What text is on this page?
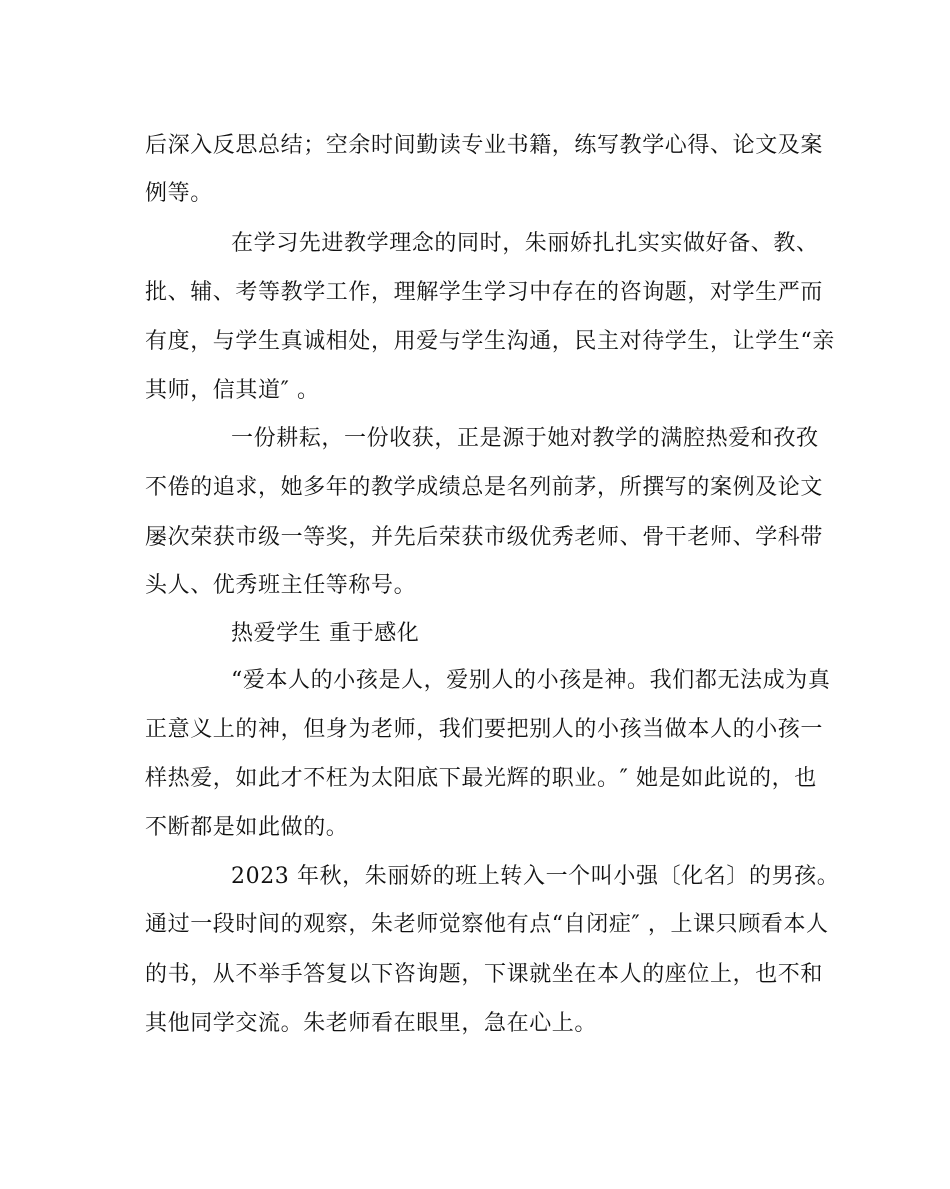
后深入反思总结；空余时间勤读专业书籍，练写教学心得、论文及案
例等。
在学习先进教学理念的同时，朱丽娇扎扎实实做好备、教、
批、辅、考等教学工作，理解学生学习中存在的咨询题，对学生严而
有度，与学生真诚相处，用爱与学生沟通，民主对待学生，让学生“亲
其师，信其道″ 。
一份耕耘，一份收获，正是源于她对教学的满腔热爱和孜孜
不倦的追求，她多年的教学成绩总是名列前茅，所撰写的案例及论文
屡次荣获市级一等奖，并先后荣获市级优秀老师、骨干老师、学科带
头人、优秀班主任等称号。
热爱学生 重于感化
“爱本人的小孩是人，爱别人的小孩是神。我们都无法成为真
正意义上的神，但身为老师，我们要把别人的小孩当做本人的小孩一
样热爱，如此才不枉为太阳底下最光辉的职业。″ 她是如此说的，也
不断都是如此做的。
2023 年秋，朱丽娇的班上转入一个叫小强〔化名〕的男孩。
通过一段时间的观察，朱老师觉察他有点“自闭症″ ，上课只顾看本人
的书，从不举手答复以下咨询题，下课就坐在本人的座位上，也不和
其他同学交流。朱老师看在眼里，急在心上。
